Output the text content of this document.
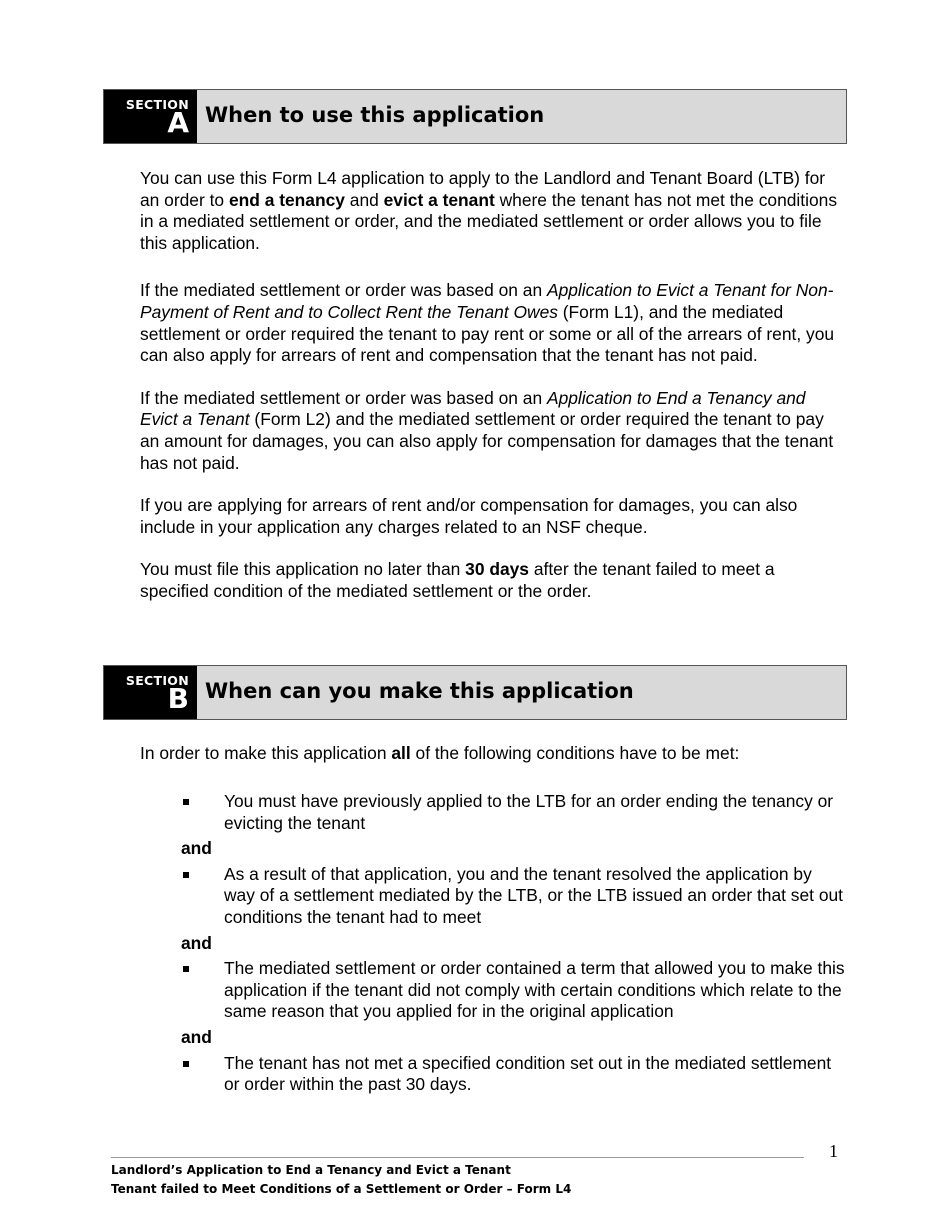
SECTION
A When to use this application

You can use this Form L4 application to apply to the Landlord and Tenant Board (LTB) for an order to end a tenancy and evict a tenant where the tenant has not met the conditions in a mediated settlement or order, and the mediated settlement or order allows you to file this application.

If the mediated settlement or order was based on an Application to Evict a Tenant for Non-Payment of Rent and to Collect Rent the Tenant Owes (Form L1), and the mediated settlement or order required the tenant to pay rent or some or all of the arrears of rent, you can also apply for arrears of rent and compensation that the tenant has not paid.

If the mediated settlement or order was based on an Application to End a Tenancy and Evict a Tenant (Form L2) and the mediated settlement or order required the tenant to pay an amount for damages, you can also apply for compensation for damages that the tenant has not paid.

If you are applying for arrears of rent and/or compensation for damages, you can also include in your application any charges related to an NSF cheque.

You must file this application no later than 30 days after the tenant failed to meet a specified condition of the mediated settlement or the order.

SECTION
B When can you make this application

In order to make this application all of the following conditions have to be met:

You must have previously applied to the LTB for an order ending the tenancy or evicting the tenant
and
As a result of that application, you and the tenant resolved the application by way of a settlement mediated by the LTB, or the LTB issued an order that set out conditions the tenant had to meet
and
The mediated settlement or order contained a term that allowed you to make this application if the tenant did not comply with certain conditions which relate to the same reason that you applied for in the original application
and
The tenant has not met a specified condition set out in the mediated settlement or order within the past 30 days.
1
Landlord’s Application to End a Tenancy and Evict a Tenant
Tenant failed to Meet Conditions of a Settlement or Order – Form L4
